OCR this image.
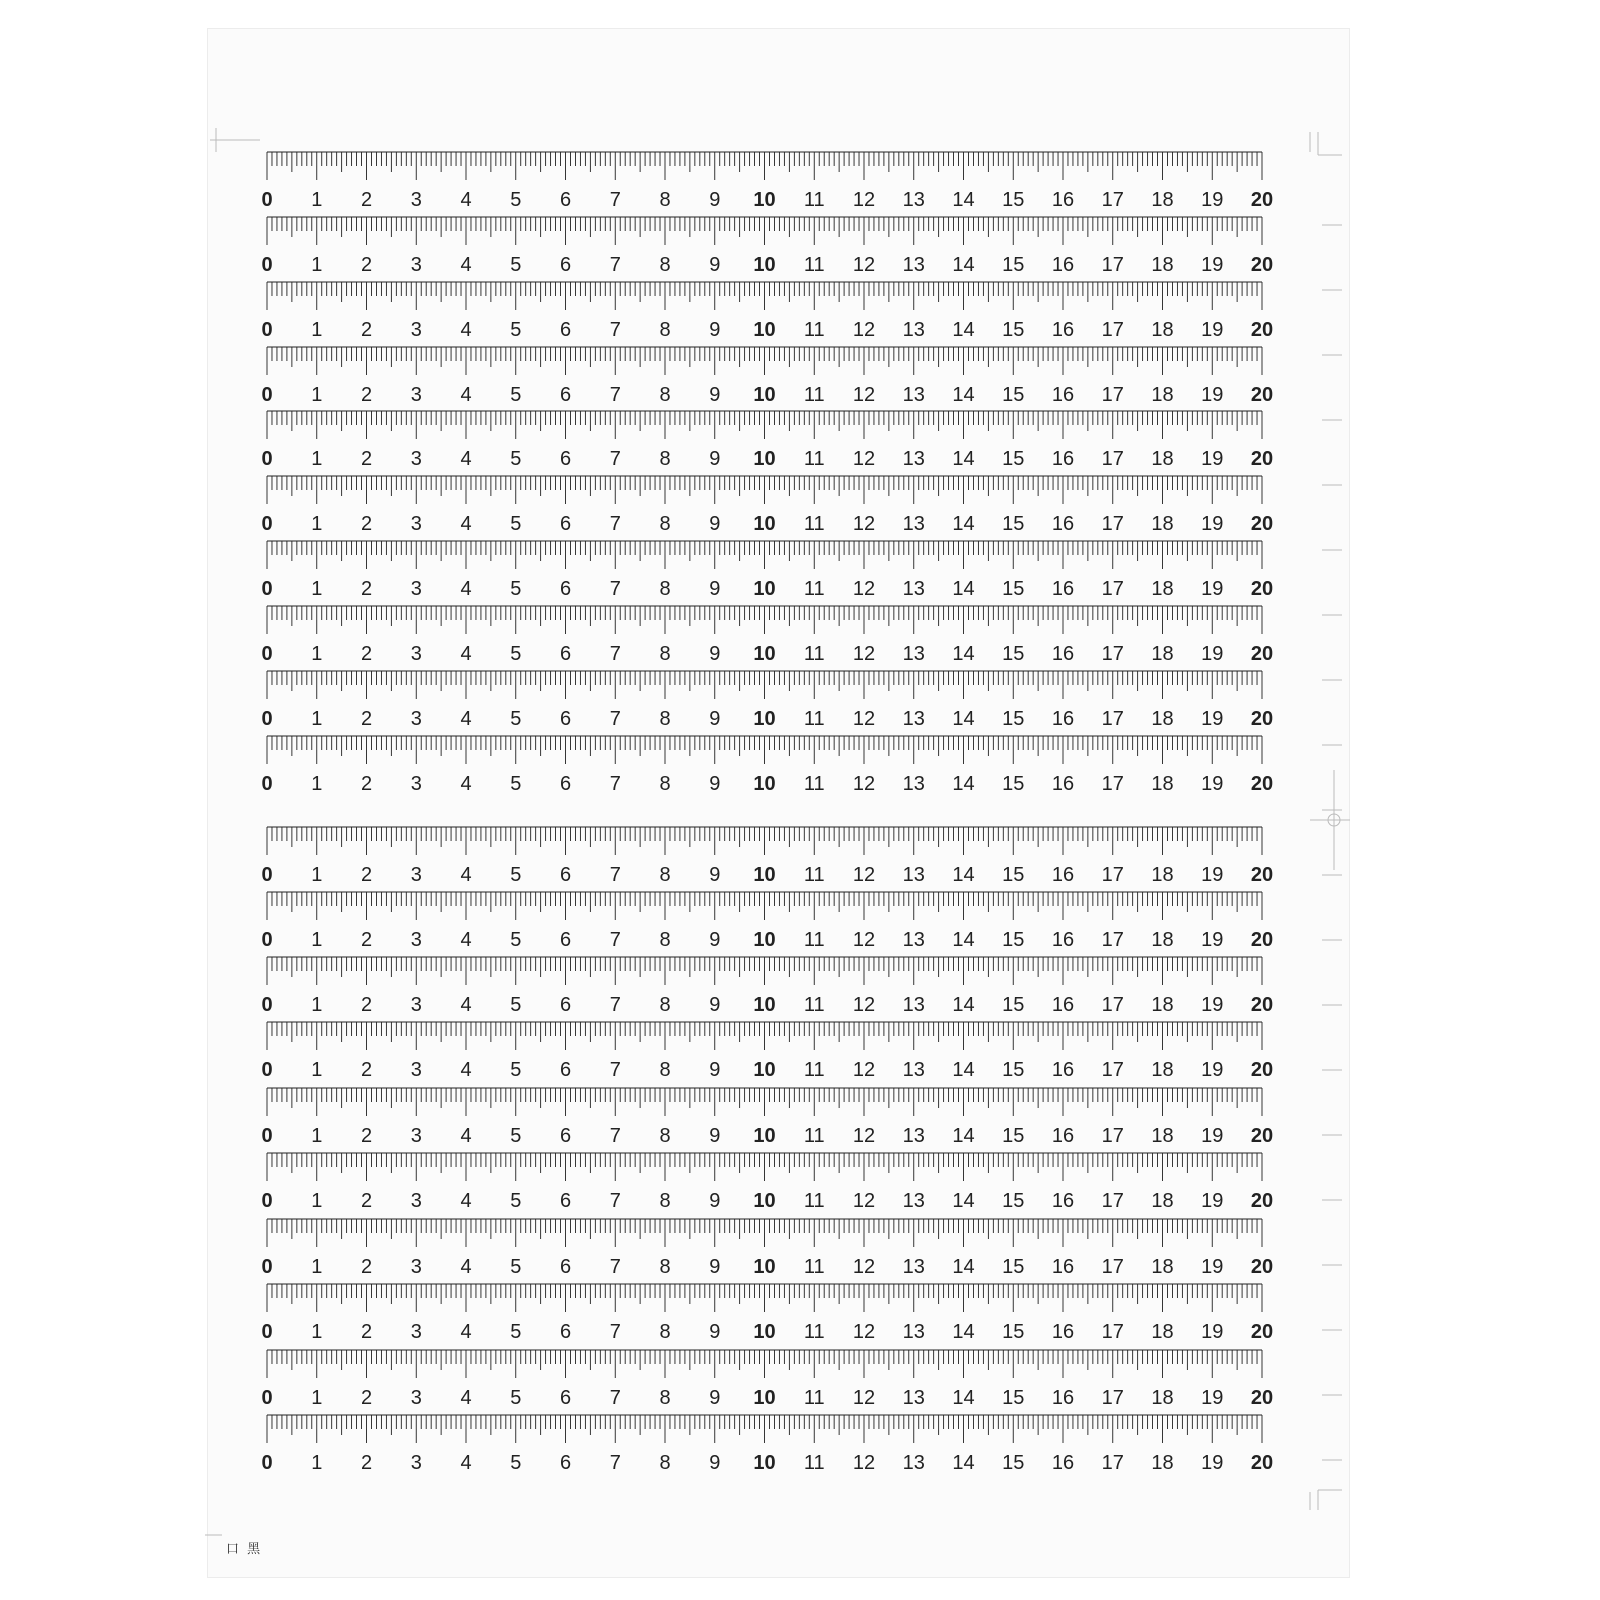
0 1 2 3 4 5 6 7 8 9 10 11 12 13 14 15 16 17 18 19 20
0 1 2 3 4 5 6 7 8 9 10 11 12 13 14 15 16 17 18 19 20
0 1 2 3 4 5 6 7 8 9 10 11 12 13 14 15 16 17 18 19 20
0 1 2 3 4 5 6 7 8 9 10 11 12 13 14 15 16 17 18 19 20
0 1 2 3 4 5 6 7 8 9 10 11 12 13 14 15 16 17 18 19 20
0 1 2 3 4 5 6 7 8 9 10 11 12 13 14 15 16 17 18 19 20
0 1 2 3 4 5 6 7 8 9 10 11 12 13 14 15 16 17 18 19 20
0 1 2 3 4 5 6 7 8 9 10 11 12 13 14 15 16 17 18 19 20
0 1 2 3 4 5 6 7 8 9 10 11 12 13 14 15 16 17 18 19 20
0 1 2 3 4 5 6 7 8 9 10 11 12 13 14 15 16 17 18 19 20
0 1 2 3 4 5 6 7 8 9 10 11 12 13 14 15 16 17 18 19 20
0 1 2 3 4 5 6 7 8 9 10 11 12 13 14 15 16 17 18 19 20
0 1 2 3 4 5 6 7 8 9 10 11 12 13 14 15 16 17 18 19 20
0 1 2 3 4 5 6 7 8 9 10 11 12 13 14 15 16 17 18 19 20
0 1 2 3 4 5 6 7 8 9 10 11 12 13 14 15 16 17 18 19 20
0 1 2 3 4 5 6 7 8 9 10 11 12 13 14 15 16 17 18 19 20
0 1 2 3 4 5 6 7 8 9 10 11 12 13 14 15 16 17 18 19 20
0 1 2 3 4 5 6 7 8 9 10 11 12 13 14 15 16 17 18 19 20
0 1 2 3 4 5 6 7 8 9 10 11 12 13 14 15 16 17 18 19 20
0 1 2 3 4 5 6 7 8 9 10 11 12 13 14 15 16 17 18 19 20
口 黑
